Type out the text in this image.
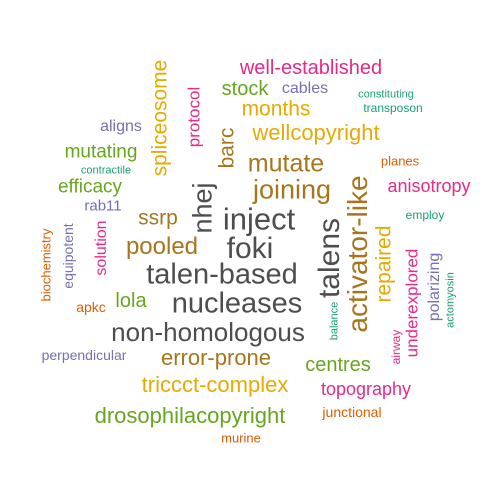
talen-based
nucleases
non-homologous
inject
foki talens
nhej	activator-like
joining
mutate
pooled
error-prone
ssrp
barc
triccct-complex
repaired
spliceosome	months
wellcopyright
drosophilacopyright
centres
mutating
efficacy
lola
stock
well-established
topography
anisotropy
protocol
solution
airway underexplored
cables
aligns
rab11
equipotent
perpendicular
polarizing
constituting
transposon
contractile
employ
actomyosin
balance
planes
biochemistry
apkc
junctional
murine
